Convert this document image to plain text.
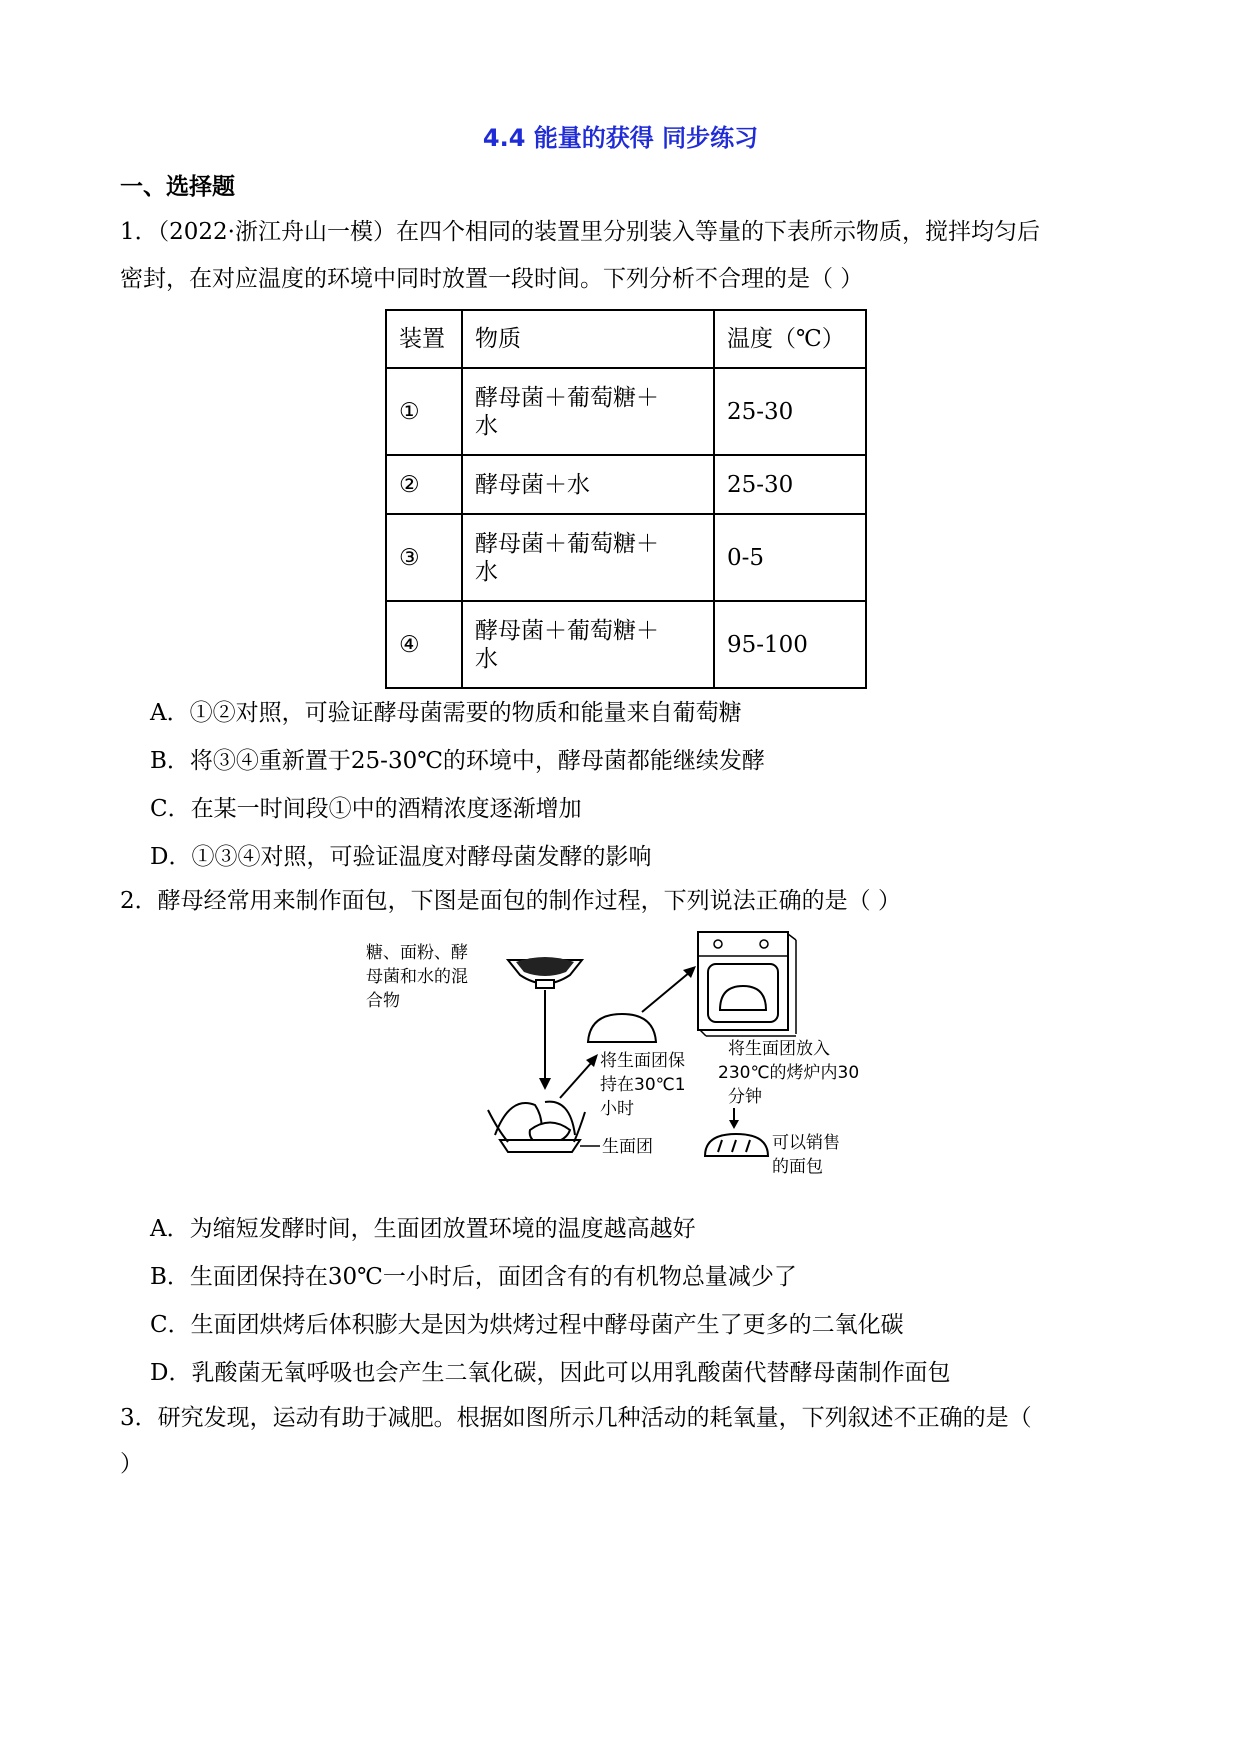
4.4 能量的获得 同步练习
一、选择题
1．（2022·浙江舟山一模）在四个相同的装置里分别装入等量的下表所示物质，搅拌均匀后
密封，在对应温度的环境中同时放置一段时间。下列分析不合理的是（ ）
装置	物质	温度（℃）
①	酵母菌＋葡萄糖＋
水	25-30
②	酵母菌＋水	25-30
③	酵母菌＋葡萄糖＋
水	0-5
④	酵母菌＋葡萄糖＋
水	95-100
A．①②对照，可验证酵母菌需要的物质和能量来自葡萄糖
B．将③④重新置于25-30℃的环境中，酵母菌都能继续发酵
C．在某一时间段①中的酒精浓度逐渐增加
D．①③④对照，可验证温度对酵母菌发酵的影响
2．酵母经常用来制作面包，下图是面包的制作过程，下列说法正确的是（ ）
糖、面粉、酵
母菌和水的混
合物
生面团
将生面团保
持在30℃1
小时
将生面团放入
230℃的烤炉内30
分钟
可以销售
的面包
A．为缩短发酵时间，生面团放置环境的温度越高越好
B．生面团保持在30℃一小时后，面团含有的有机物总量减少了
C．生面团烘烤后体积膨大是因为烘烤过程中酵母菌产生了更多的二氧化碳
D．乳酸菌无氧呼吸也会产生二氧化碳，因此可以用乳酸菌代替酵母菌制作面包
3．研究发现，运动有助于减肥。根据如图所示几种活动的耗氧量，下列叙述不正确的是（
）
